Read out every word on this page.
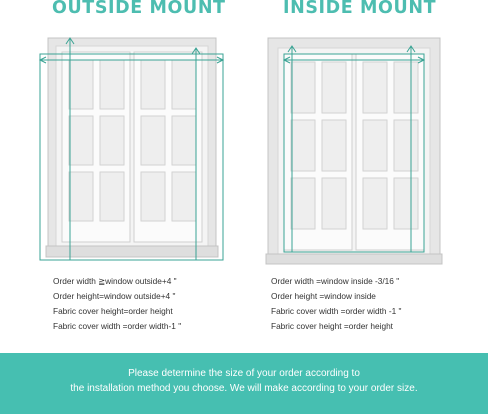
OUTSIDE MOUNT	INSIDE MOUNT
Order width ≧window outside+4 "
Order height=window outside+4 "
Fabric cover height=order height
Fabric cover width =order width-1 "
Order width =window inside -3/16 "
Order height =window inside
Fabric cover width =order width -1 "
Fabric cover height =order height
Please determine the size of your order according to
the installation method you choose. We will make according to your order size.
